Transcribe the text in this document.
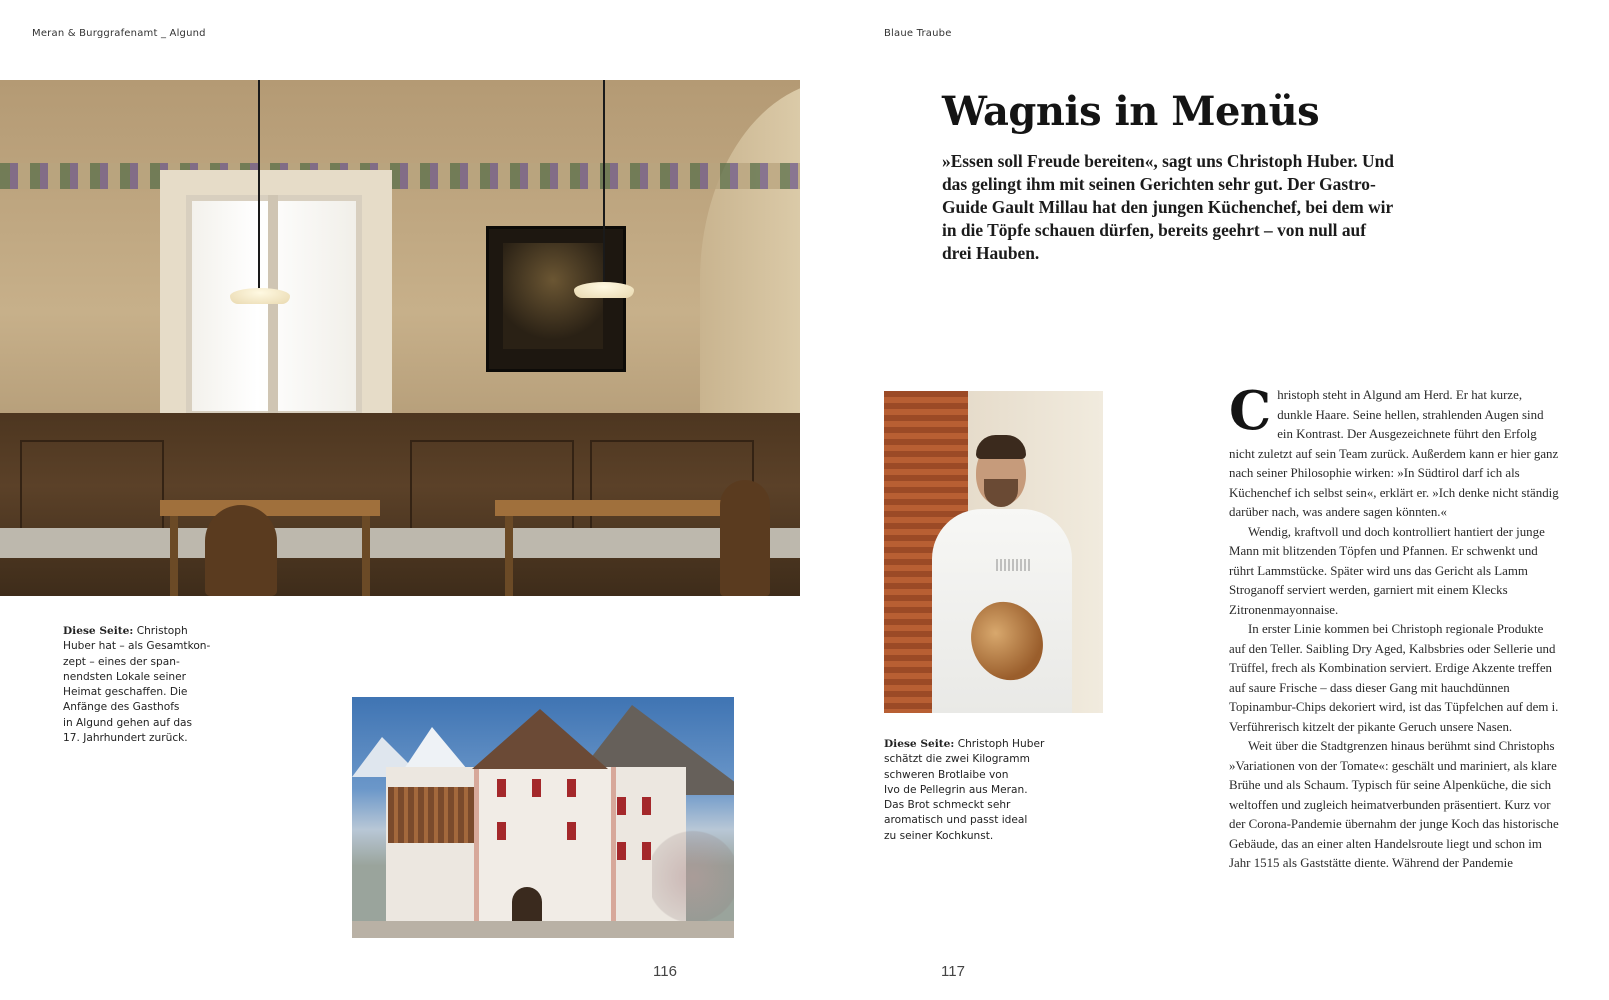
Meran & Burggrafenamt _ Algund
Diese Seite: Christoph
Huber hat – als Gesamtkon-
zept – eines der span-
nendsten Lokale seiner
Heimat geschaffen. Die
Anfänge des Gasthofs
in Algund gehen auf das
17. Jahrhundert zurück.
116
Blaue Traube
117
Wagnis in Menüs

»Essen soll Freude bereiten«, sagt uns Christoph Huber. Und das gelingt ihm mit seinen Gerichten sehr gut. Der Gastro-Guide Gault Millau hat den jungen Küchenchef, bei dem wir in die Töpfe schauen dürfen, bereits geehrt – von null auf drei Hauben.

Diese Seite: Christoph Huber
schätzt die zwei Kilogramm
schweren Brotlaibe von
Ivo de Pellegrin aus Meran.
Das Brot schmeckt sehr
aromatisch und passt ideal
zu seiner Kochkunst.

Christoph steht in Algund am Herd. Er hat kurze, dunkle Haare. Seine hellen, strahlenden Augen sind ein Kontrast. Der Ausgezeichnete führt den Erfolg nicht zuletzt auf sein Team zurück. Außerdem kann er hier ganz nach seiner Philosophie wirken: »In Südtirol darf ich als Küchenchef ich selbst sein«, erklärt er. »Ich denke nicht ständig darüber nach, was andere sagen könnten.«

Wendig, kraftvoll und doch kontrolliert hantiert der junge Mann mit blitzenden Töpfen und Pfannen. Er schwenkt und rührt Lammstücke. Später wird uns das Gericht als Lamm Stroganoff serviert werden, garniert mit einem Klecks Zitronenmayonnaise.

In erster Linie kommen bei Christoph regionale Produkte auf den Teller. Saibling Dry Aged, Kalbsbries oder Sellerie und Trüffel, frech als Kombination serviert. Erdige Akzente treffen auf saure Frische – dass dieser Gang mit hauchdünnen Topinambur-Chips dekoriert wird, ist das Tüpfelchen auf dem i. Verführerisch kitzelt der pikante Geruch unsere Nasen.

Weit über die Stadtgrenzen hinaus berühmt sind Christophs »Variationen von der Tomate«: geschält und mariniert, als klare Brühe und als Schaum. Typisch für seine Alpenküche, die sich weltoffen und zugleich heimatverbunden präsentiert. Kurz vor der Corona-Pandemie übernahm der junge Koch das historische Gebäude, das an einer alten Handelsroute liegt und schon im Jahr 1515 als Gaststätte diente. Während der Pandemie
